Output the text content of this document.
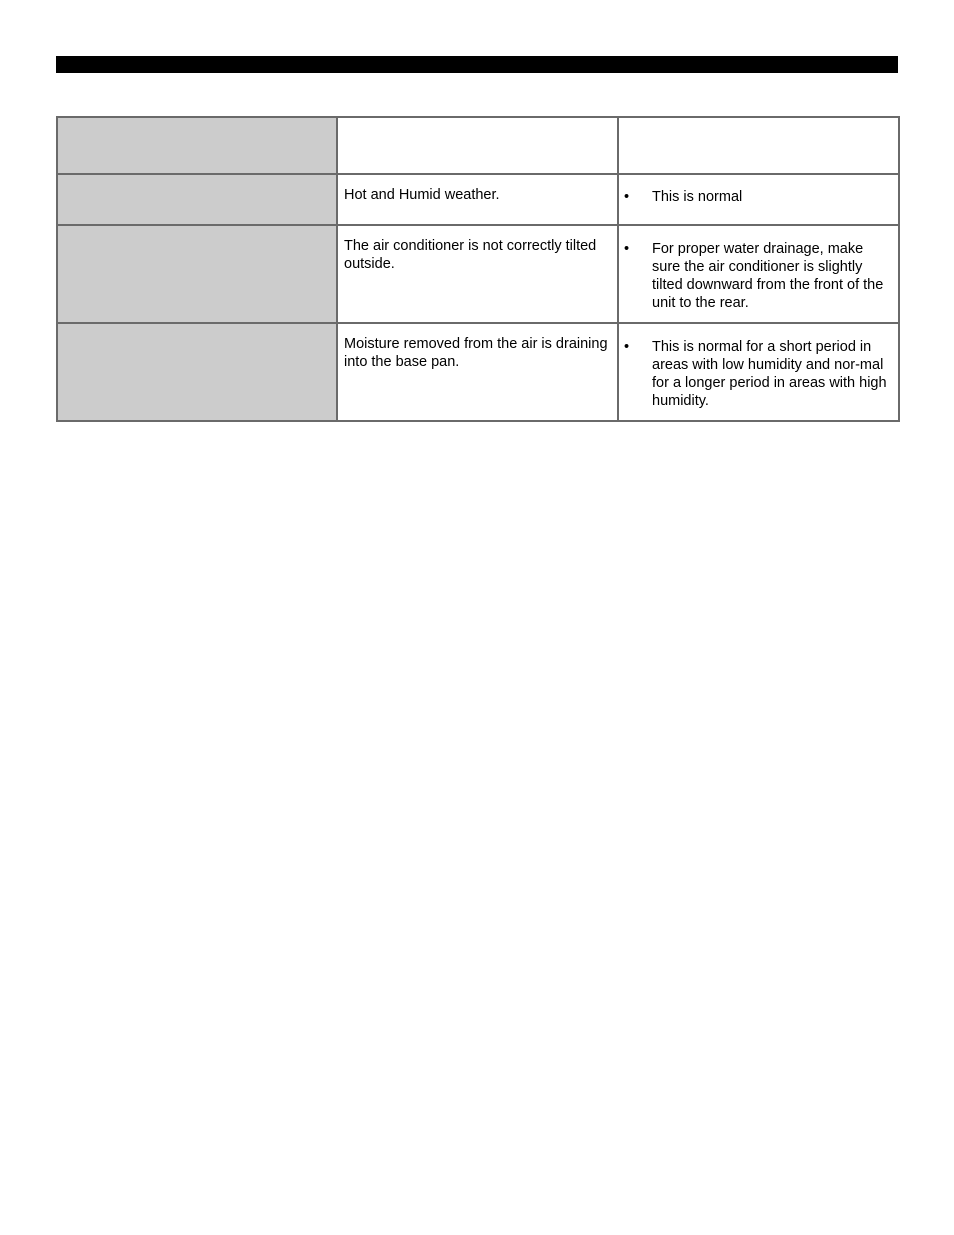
	Hot and Humid weather.	• This is normal

	The air conditioner is not correctly tilted outside.	• For proper water drainage, make sure the air conditioner is slightly tilted downward from the front of the unit to the rear.

	Moisture removed from the air is draining into the base pan.	• This is normal for a short period in areas with low humidity and nor-mal for a longer period in areas with high humidity.
